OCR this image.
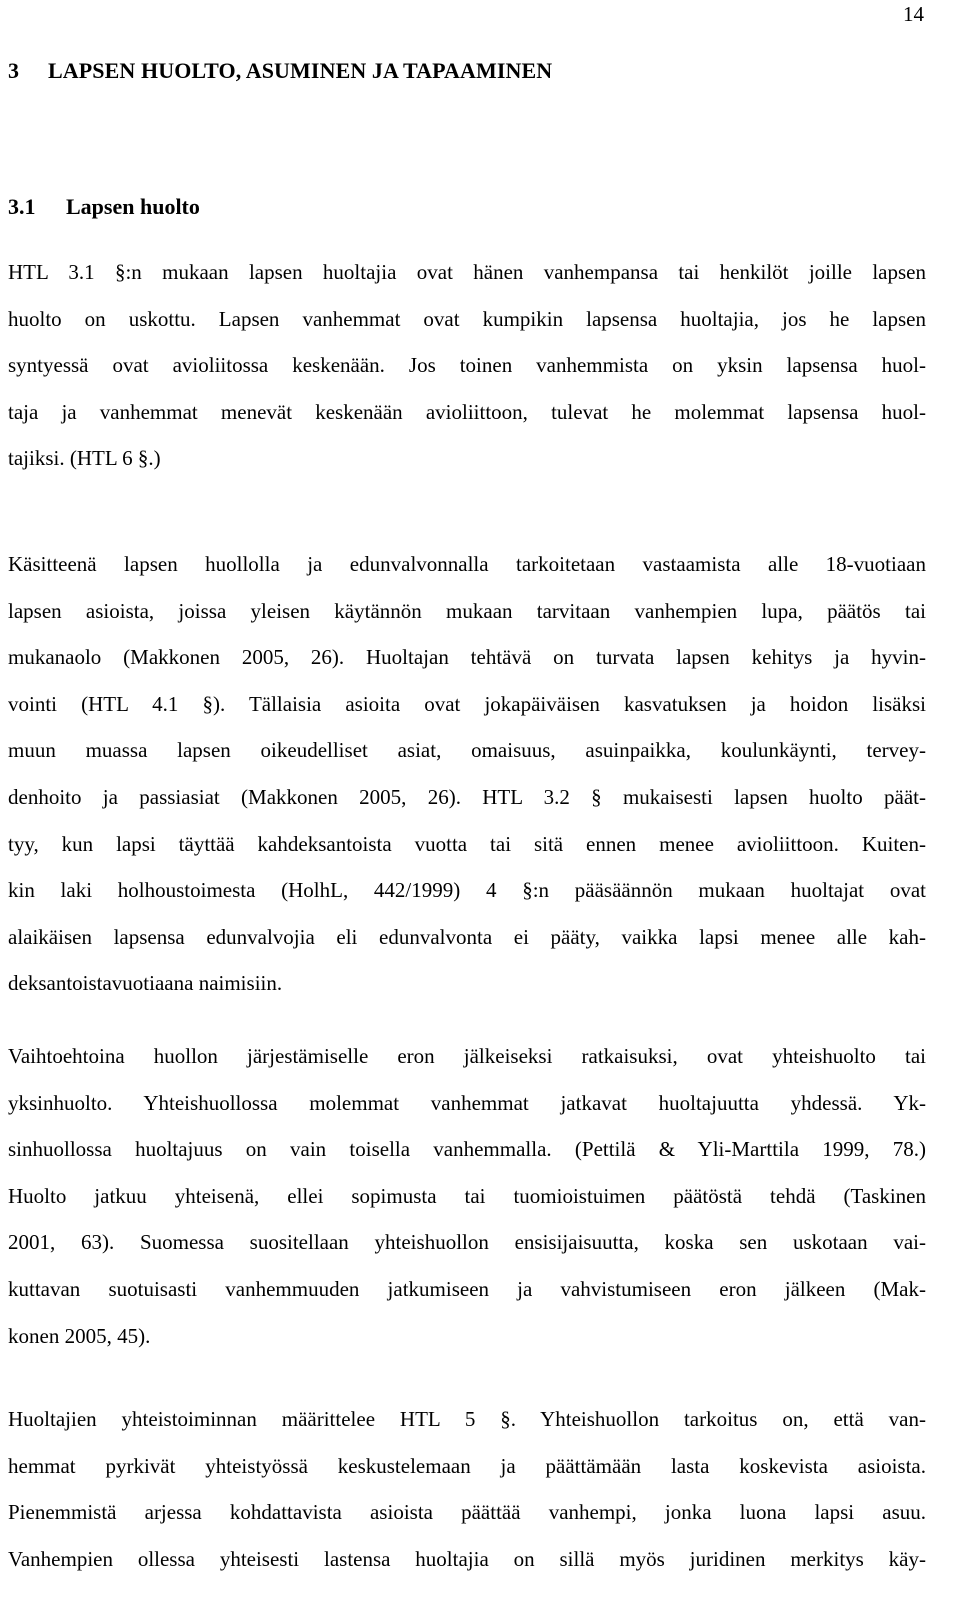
14
3 LAPSEN HUOLTO, ASUMINEN JA TAPAAMINEN
3.1 Lapsen huolto
HTL 3.1 §:n mukaan lapsen huoltajia ovat hänen vanhempansa tai henkilöt joille lapsen
huolto on uskottu. Lapsen vanhemmat ovat kumpikin lapsensa huoltajia, jos he lapsen
syntyessä ovat avioliitossa keskenään. Jos toinen vanhemmista on yksin lapsensa huol-
taja ja vanhemmat menevät keskenään avioliittoon, tulevat he molemmat lapsensa huol-
tajiksi. (HTL 6 §.)
Käsitteenä lapsen huollolla ja edunvalvonnalla tarkoitetaan vastaamista alle 18-vuotiaan
lapsen asioista, joissa yleisen käytännön mukaan tarvitaan vanhempien lupa, päätös tai
mukanaolo (Makkonen 2005, 26). Huoltajan tehtävä on turvata lapsen kehitys ja hyvin-
vointi (HTL 4.1 §). Tällaisia asioita ovat jokapäiväisen kasvatuksen ja hoidon lisäksi
muun muassa lapsen oikeudelliset asiat, omaisuus, asuinpaikka, koulunkäynti, tervey-
denhoito ja passiasiat (Makkonen 2005, 26). HTL 3.2 § mukaisesti lapsen huolto päät-
tyy, kun lapsi täyttää kahdeksantoista vuotta tai sitä ennen menee avioliittoon. Kuiten-
kin laki holhoustoimesta (HolhL, 442/1999) 4 §:n pääsäännön mukaan huoltajat ovat
alaikäisen lapsensa edunvalvojia eli edunvalvonta ei pääty, vaikka lapsi menee alle kah-
deksantoistavuotiaana naimisiin.
Vaihtoehtoina huollon järjestämiselle eron jälkeiseksi ratkaisuksi, ovat yhteishuolto tai
yksinhuolto. Yhteishuollossa molemmat vanhemmat jatkavat huoltajuutta yhdessä. Yk-
sinhuollossa huoltajuus on vain toisella vanhemmalla. (Pettilä & Yli-Marttila 1999, 78.)
Huolto jatkuu yhteisenä, ellei sopimusta tai tuomioistuimen päätöstä tehdä (Taskinen
2001, 63). Suomessa suositellaan yhteishuollon ensisijaisuutta, koska sen uskotaan vai-
kuttavan suotuisasti vanhemmuuden jatkumiseen ja vahvistumiseen eron jälkeen (Mak-
konen 2005, 45).
Huoltajien yhteistoiminnan määrittelee HTL 5 §. Yhteishuollon tarkoitus on, että van-
hemmat pyrkivät yhteistyössä keskustelemaan ja päättämään lasta koskevista asioista.
Pienemmistä arjessa kohdattavista asioista päättää vanhempi, jonka luona lapsi asuu.
Vanhempien ollessa yhteisesti lastensa huoltajia on sillä myös juridinen merkitys käy-
